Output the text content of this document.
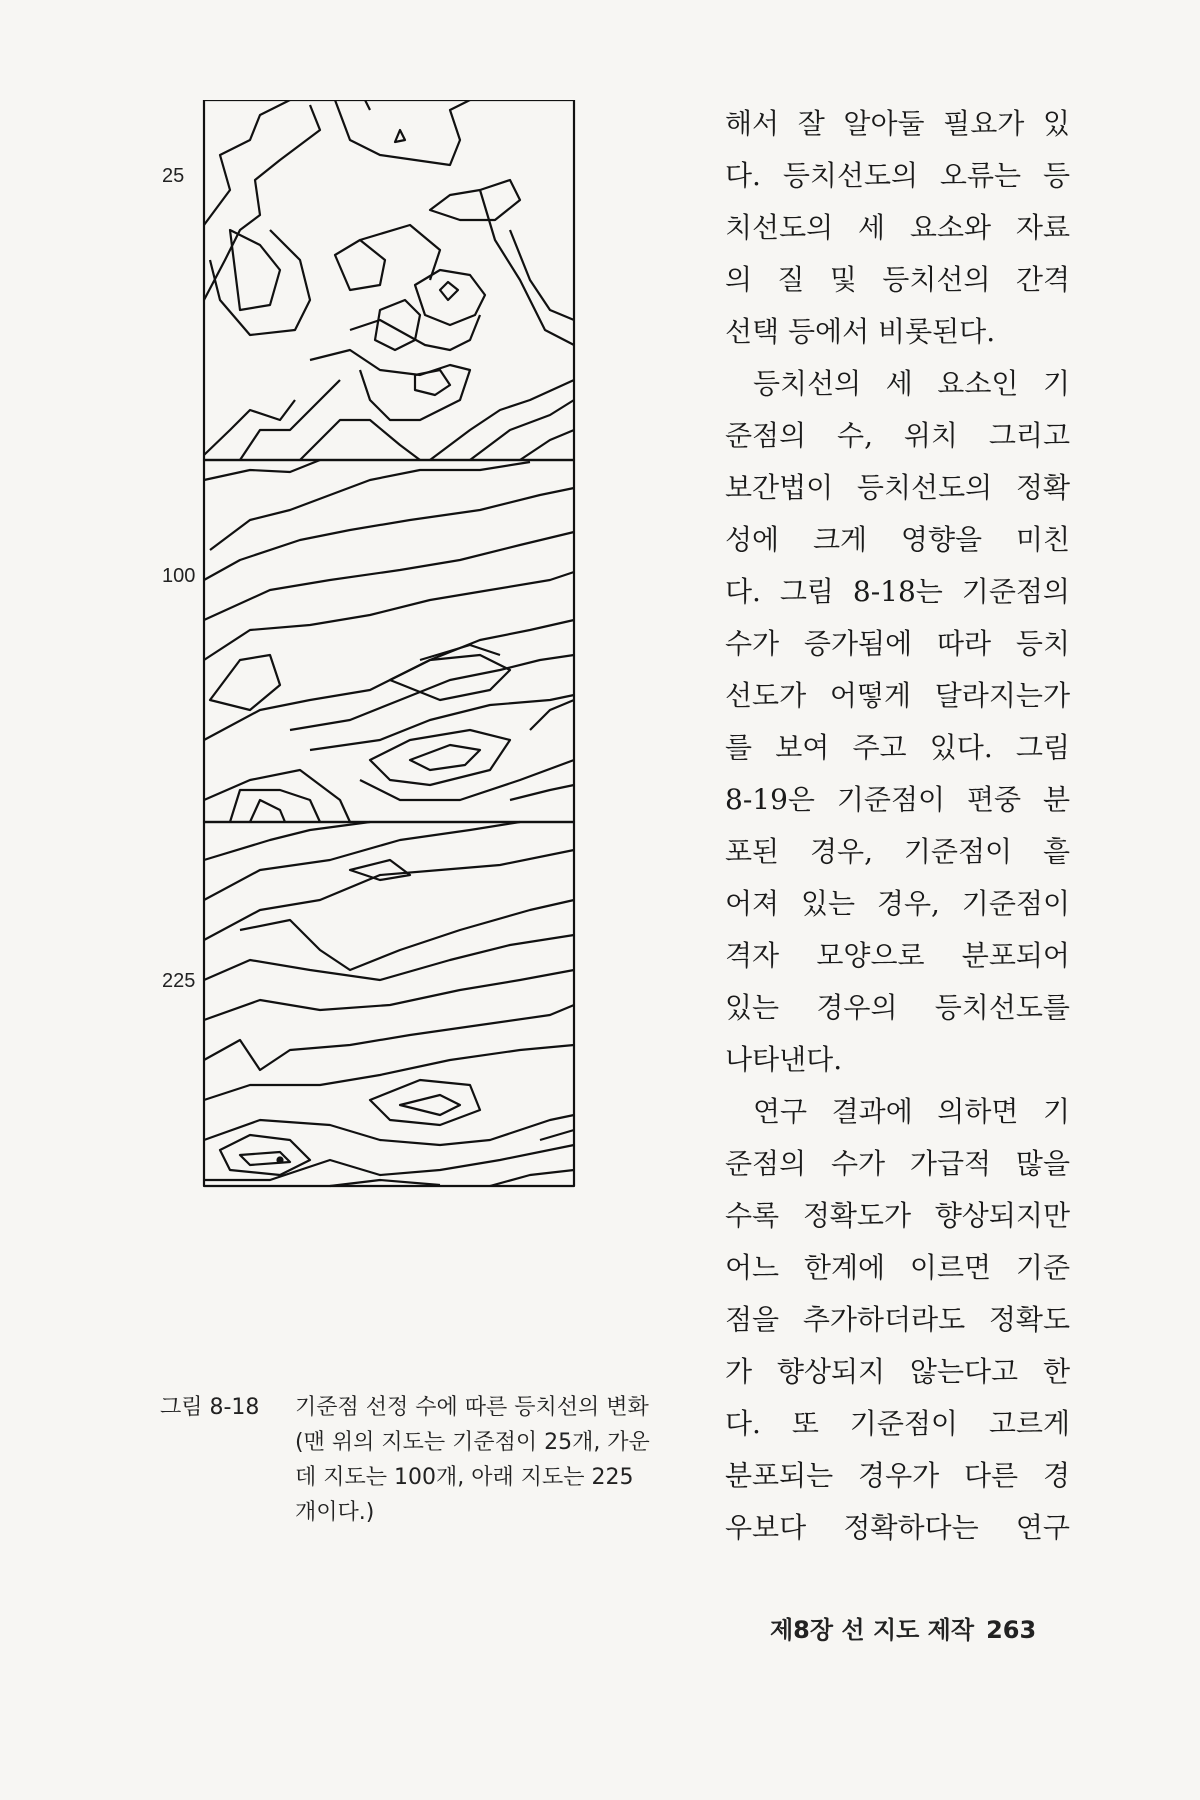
25
100
225
그림 8-18 기준점 선정 수에 따른 등치선의 변화(맨 위의 지도는 기준점이 25개, 가운데 지도는 100개, 아래 지도는 225개이다.)

해서 잘 알아둘 필요가 있
다. 등치선도의 오류는 등
치선도의 세 요소와 자료
의 질 및 등치선의 간격
선택 등에서 비롯된다.

등치선의 세 요소인 기
준점의 수, 위치 그리고
보간법이 등치선도의 정확
성에 크게 영향을 미친
다. 그림 8-18는 기준점의
수가 증가됨에 따라 등치
선도가 어떻게 달라지는가
를 보여 주고 있다. 그림
8-19은 기준점이 편중 분
포된 경우, 기준점이 흩
어져 있는 경우, 기준점이
격자 모양으로 분포되어
있는 경우의 등치선도를
나타낸다.

연구 결과에 의하면 기
준점의 수가 가급적 많을
수록 정확도가 향상되지만
어느 한계에 이르면 기준
점을 추가하더라도 정확도
가 향상되지 않는다고 한
다. 또 기준점이 고르게
분포되는 경우가 다른 경
우보다 정확하다는 연구

제8장 선 지도 제작 263
